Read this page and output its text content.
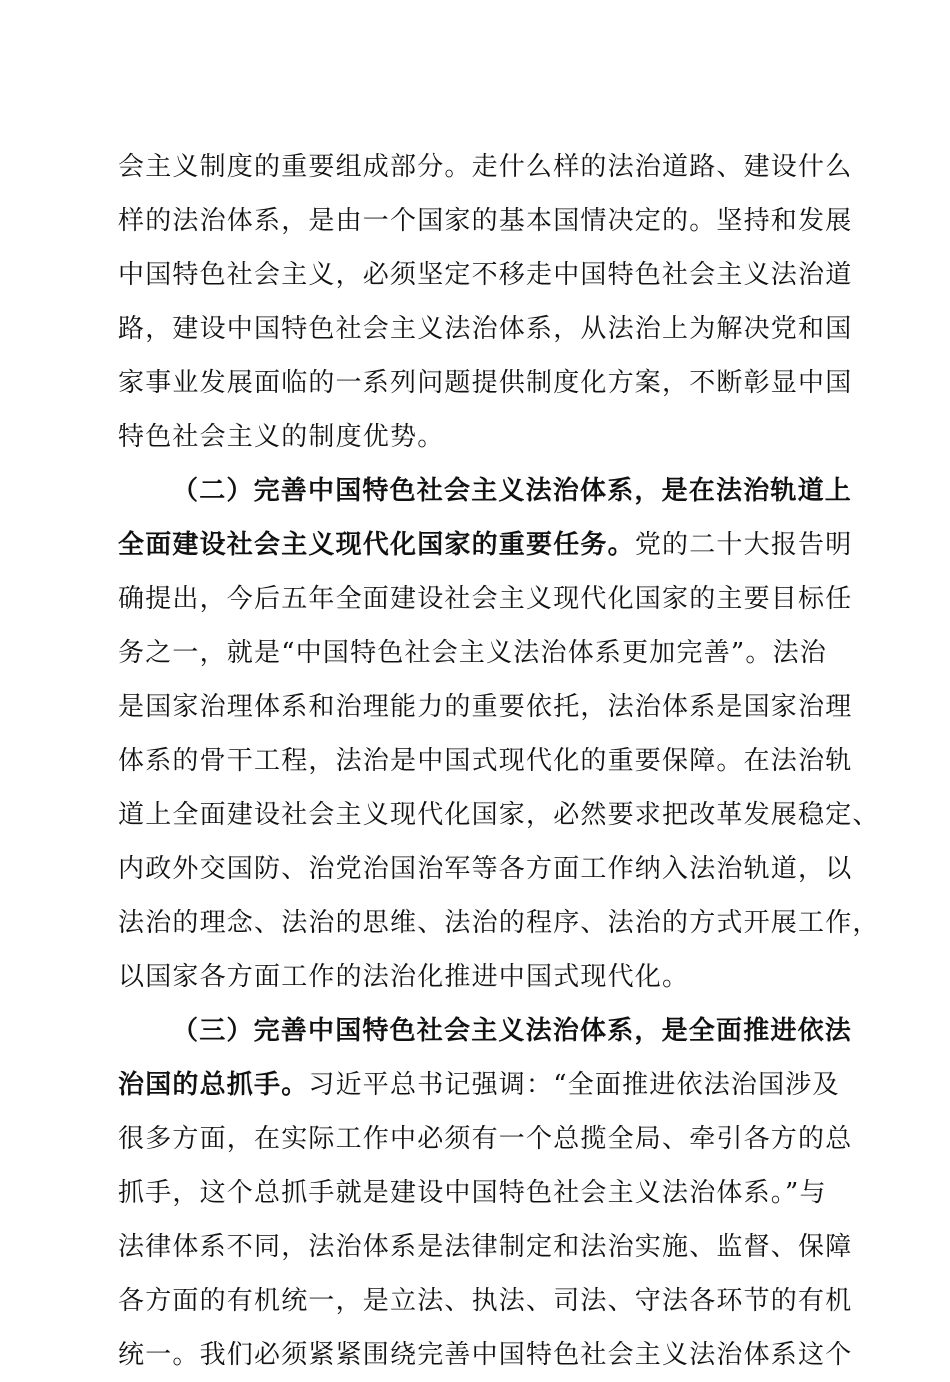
会主义制度的重要组成部分。走什么样的法治道路、建设什么
样的法治体系，是由一个国家的基本国情决定的。坚持和发展
中国特色社会主义，必须坚定不移走中国特色社会主义法治道
路，建设中国特色社会主义法治体系，从法治上为解决党和国
家事业发展面临的一系列问题提供制度化方案，不断彰显中国
特色社会主义的制度优势。
（二）完善中国特色社会主义法治体系，是在法治轨道上
全面建设社会主义现代化国家的重要任务。党的二十大报告明
确提出，今后五年全面建设社会主义现代化国家的主要目标任
务之一，就是“中国特色社会主义法治体系更加完善”。法治
是国家治理体系和治理能力的重要依托，法治体系是国家治理
体系的骨干工程，法治是中国式现代化的重要保障。在法治轨
道上全面建设社会主义现代化国家，必然要求把改革发展稳定、
内政外交国防、治党治国治军等各方面工作纳入法治轨道，以
法治的理念、法治的思维、法治的程序、法治的方式开展工作，
以国家各方面工作的法治化推进中国式现代化。
（三）完善中国特色社会主义法治体系，是全面推进依法
治国的总抓手。习近平总书记强调：“全面推进依法治国涉及
很多方面，在实际工作中必须有一个总揽全局、牵引各方的总
抓手，这个总抓手就是建设中国特色社会主义法治体系。”与
法律体系不同，法治体系是法律制定和法治实施、监督、保障
各方面的有机统一，是立法、执法、司法、守法各环节的有机
统一。我们必须紧紧围绕完善中国特色社会主义法治体系这个
